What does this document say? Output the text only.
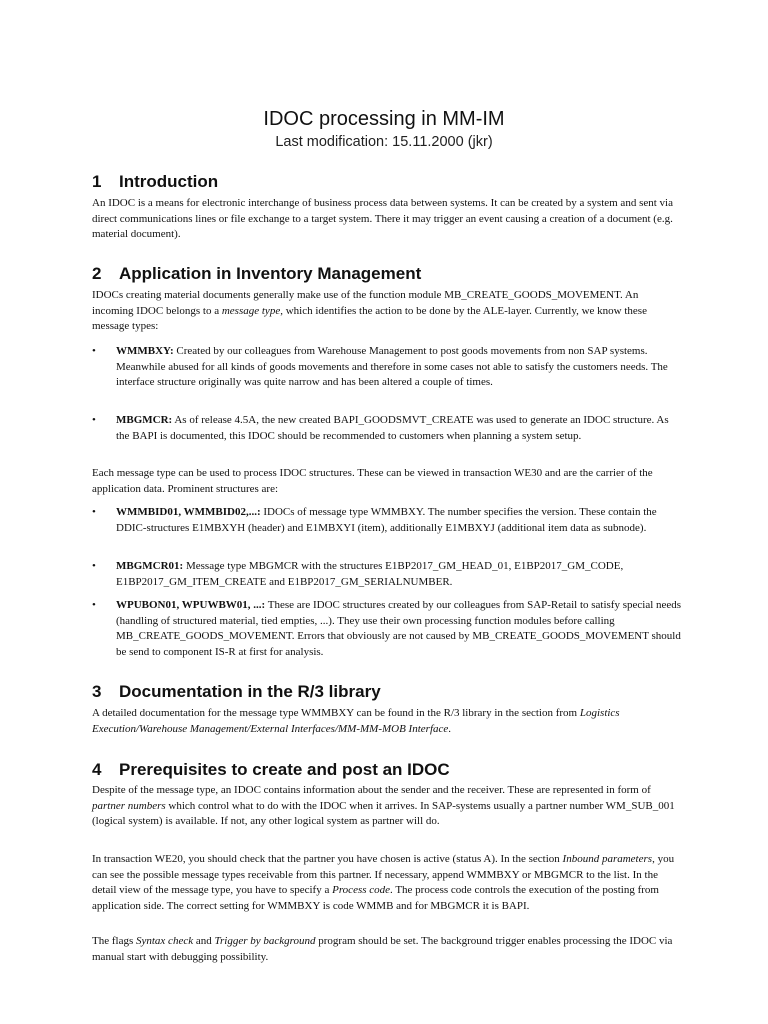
IDOC processing in MM-IM
Last modification: 15.11.2000 (jkr)
1 Introduction

An IDOC is a means for electronic interchange of business process data between systems. It can be created by a system and sent via direct communications lines or file exchange to a target system. There it may trigger an event causing a creation of a document (e.g. material document).

2 Application in Inventory Management

IDOCs creating material documents generally make use of the function module MB_CREATE_GOODS_MOVEMENT. An incoming IDOC belongs to a message type, which identifies the action to be done by the ALE-layer. Currently, we know these message types:

•	WMMBXY: Created by our colleagues from Warehouse Management to post goods movements from non SAP systems. Meanwhile abused for all kinds of goods movements and therefore in some cases not able to satisfy the customers needs. The interface structure originally was quite narrow and has been altered a couple of times.
•	MBGMCR: As of release 4.5A, the new created BAPI_GOODSMVT_CREATE was used to generate an IDOC structure. As the BAPI is documented, this IDOC should be recommended to customers when planning a system setup.

Each message type can be used to process IDOC structures. These can be viewed in transaction WE30 and are the carrier of the application data. Prominent structures are:

•	WMMBID01, WMMBID02,...: IDOCs of message type WMMBXY. The number specifies the version. These contain the DDIC-structures E1MBXYH (header) and E1MBXYI (item), additionally E1MBXYJ (additional item data as subnode).
•	MBGMCR01: Message type MBGMCR with the structures E1BP2017_GM_HEAD_01, E1BP2017_GM_CODE, E1BP2017_GM_ITEM_CREATE and E1BP2017_GM_SERIALNUMBER.
•	WPUBON01, WPUWBW01, ...: These are IDOC structures created by our colleagues from SAP-Retail to satisfy special needs (handling of structured material, tied empties, ...). They use their own processing function modules before calling MB_CREATE_GOODS_MOVEMENT. Errors that obviously are not caused by MB_CREATE_GOODS_MOVEMENT should be send to component IS-R at first for analysis.
3 Documentation in the R/3 library

A detailed documentation for the message type WMMBXY can be found in the R/3 library in the section from Logistics Execution/Warehouse Management/External Interfaces/MM-MM-MOB Interface.

4 Prerequisites to create and post an IDOC

Despite of the message type, an IDOC contains information about the sender and the receiver. These are represented in form of partner numbers which control what to do with the IDOC when it arrives. In SAP-systems usually a partner number WM_SUB_001 (logical system) is available. If not, any other logical system as partner will do.

In transaction WE20, you should check that the partner you have chosen is active (status A). In the section Inbound parameters, you can see the possible message types receivable from this partner. If necessary, append WMMBXY or MBGMCR to the list. In the detail view of the message type, you have to specify a Process code. The process code controls the execution of the posting from application side. The correct setting for WMMBXY is code WMMB and for MBGMCR it is BAPI.

The flags Syntax check and Trigger by background program should be set. The background trigger enables processing the IDOC via manual start with debugging possibility.
